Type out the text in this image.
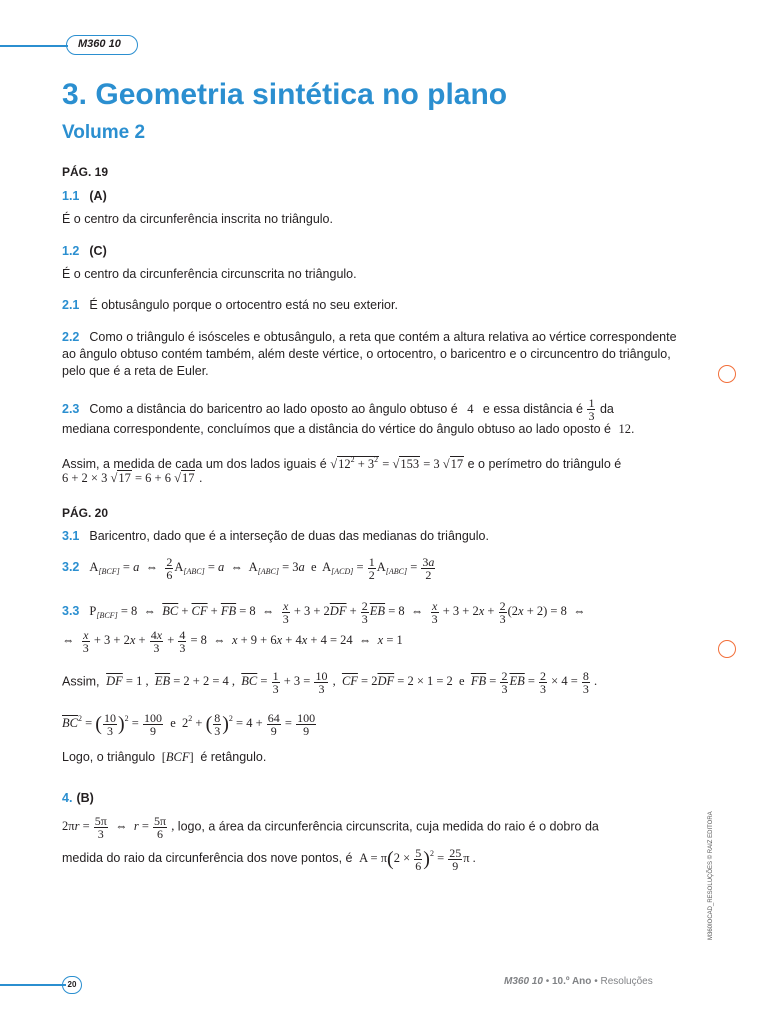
M360 10
3. Geometria sintética no plano
Volume 2
PÁG. 19
1.1 (A)
É o centro da circunferência inscrita no triângulo.
1.2 (C)
É o centro da circunferência circunscrita no triângulo.
2.1 É obtusângulo porque o ortocentro está no seu exterior.
2.2 Como o triângulo é isósceles e obtusângulo, a reta que contém a altura relativa ao vértice correspondente ao ângulo obtuso contém também, além deste vértice, o ortocentro, o baricentro e o circuncentro do triângulo, pelo que é a reta de Euler.
2.3 Como a distância do baricentro ao lado oposto ao ângulo obtuso é 4 e essa distância é $\frac{1}{3}$ da
mediana correspondente, concluímos que a distância do vértice do ângulo obtuso ao lado oposto é 12.
Assim, a medida de cada um dos lados iguais é $√12^2 + 3^2 = √153 = 3$ √17 e o perímetro do triângulo é
6 + 2 × 3 √17 = 6 + 6 √17 .
PÁG. 20
3.1 Baricentro, dado que é a interseção de duas das medianas do triângulo.
3.2 $A_{[BCF]} = a$  ⇔ $\frac{2}{6} A_{[ABC]} = a$  ⇔  $A_{[ABC]} = 3a$  e  $A_{[ACD]} = \frac{1}{2} A_{[ABC]} = \frac{3a}{2}$
3.3 $P_{[BCF]} = 8$  ⇔  $\overline{BC} + \overline{CF} + \overline{FB} = 8$  ⇔ $\frac{x}{3} + 3 + 2\overline{DF} + \frac{2}{3} \overline{EB} = 8$  ⇔ $\frac{x}{3} + 3 + 2x + \frac{2}{3} (2x + 2) = 8$  ⇔
⇔ $\frac{x}{3} + 3 + 2x + \frac{4x}{3} + \frac{4}{3} = 8$  ⇔  x + 9 + 6x + 4x + 4 = 24  ⇔  x = 1
Assim, $\overline{DF} = 1$ ,  $\overline{EB} = 2 + 2 = 4$ ,  $\overline{BC} = \frac{1}{3} + 3 = \frac{10}{3}$ ,  $\overline{CF} = 2\overline{DF} = 2 \times 1 = 2$  e  $\overline{FB} = \frac{2}{3} \overline{EB} = \frac{2}{3} \times 4 = \frac{8}{3}$ .
$\overline{BC}^2$ = ( $\frac{10}{3} )^2 = \frac{100}{9}$ e  $2^2$ + ( $\frac{8}{3} )^2 = 4 + \frac{64}{9} = \frac{100}{9}$
Logo, o triângulo  [BCF]  é retângulo.
4. (B)
$2\pi r = \frac{5\pi}{3}$ ⇔  $r = \frac{5\pi}{6}$ , logo, a área da circunferência circunscrita, cuja medida do raio é o dobro da
medida do raio da circunferência dos nove pontos, é  $A = \pi(2 \times \frac{5}{6} )^2 = \frac{25}{9}$ π .	M360IOCAD_RESOLUÇÕES © RAIZ EDITORA
20	M360 10 • 10.º Ano • Resoluções
